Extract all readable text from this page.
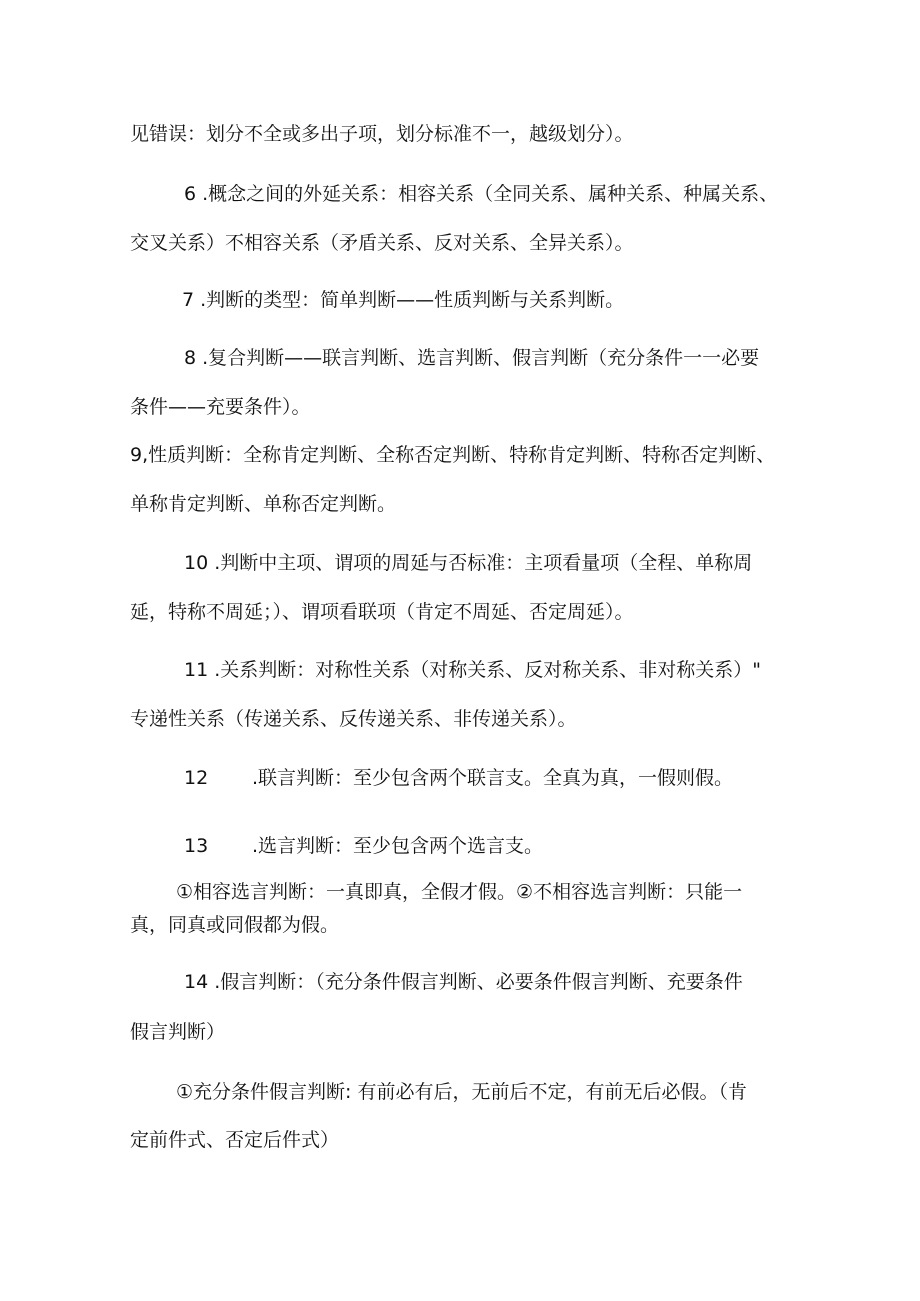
见错误：划分不全或多出子项，划分标准不一，越级划分）。
6 .概念之间的外延关系：相容关系（全同关系、属种关系、种属关系、
交叉关系）不相容关系（矛盾关系、反对关系、全异关系）。
7 .判断的类型：简单判断——性质判断与关系判断。
8 .复合判断——联言判断、选言判断、假言判断（充分条件一一必要
条件——充要条件）。
9,性质判断：全称肯定判断、全称否定判断、特称肯定判断、特称否定判断、
单称肯定判断、单称否定判断。
10 .判断中主项、谓项的周延与否标准：主项看量项（全程、单称周
延，特称不周延；）、谓项看联项（肯定不周延、否定周延）。
11 .关系判断：对称性关系（对称关系、反对称关系、非对称关系）"
专递性关系（传递关系、反传递关系、非传递关系）。
12 .联言判断：至少包含两个联言支。全真为真，一假则假。
13 .选言判断：至少包含两个选言支。
①相容选言判断：一真即真，全假才假。②不相容选言判断：只能一
真，同真或同假都为假。
14 .假言判断：（充分条件假言判断、必要条件假言判断、充要条件
假言判断）
①充分条件假言判断: 有前必有后，无前后不定，有前无后必假。（肯
定前件式、否定后件式）
